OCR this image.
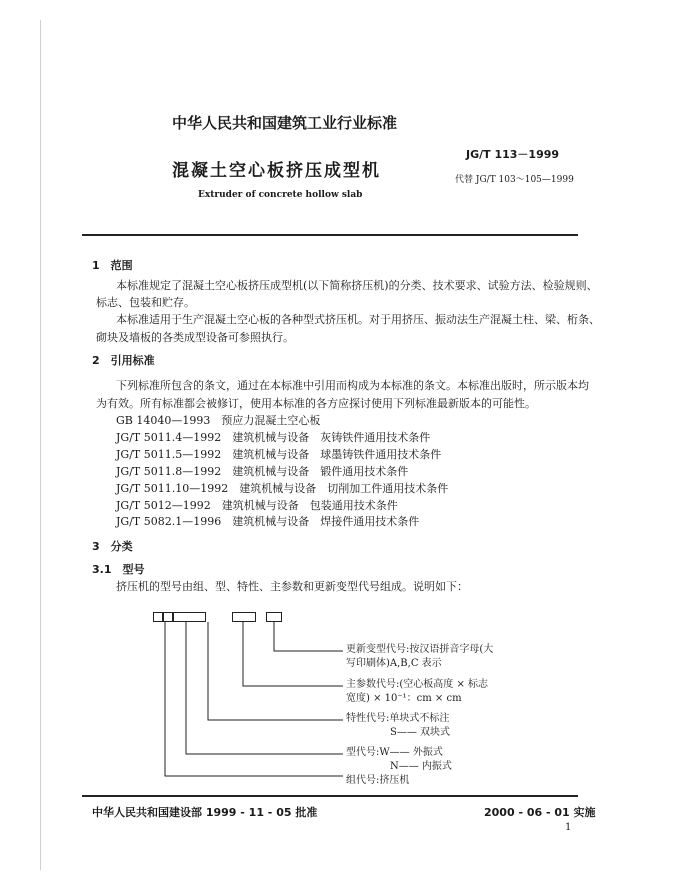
中华人民共和国建筑工业行业标准
JG/T 113－1999
混凝土空心板挤压成型机	代替 JG/T 103～105—1999
Extruder of concrete hollow slab
1　范围
本标准规定了混凝土空心板挤压成型机(以下简称挤压机)的分类、技术要求、试验方法、检验规则、
标志、包装和贮存。
本标准适用于生产混凝土空心板的各种型式挤压机。对于用挤压、振动法生产混凝土柱、梁、桁条、
砌块及墙板的各类成型设备可参照执行。
2　引用标准
下列标准所包含的条文，通过在本标准中引用而构成为本标准的条文。本标准出版时，所示版本均
为有效。所有标准都会被修订，使用本标准的各方应探讨使用下列标准最新版本的可能性。
GB 14040—1993　预应力混凝土空心板
JG/T 5011.4—1992　建筑机械与设备　灰铸铁件通用技术条件
JG/T 5011.5—1992　建筑机械与设备　球墨铸铁件通用技术条件
JG/T 5011.8—1992　建筑机械与设备　锻件通用技术条件
JG/T 5011.10—1992　建筑机械与设备　切削加工件通用技术条件
JG/T 5012—1992　建筑机械与设备　包装通用技术条件
JG/T 5082.1—1996　建筑机械与设备　焊接件通用技术条件
3　分类
3.1　型号
挤压机的型号由组、型、特性、主参数和更新变型代号组成。说明如下：
更新变型代号:按汉语拼音字母(大
写印刷体)A,B,C 表示
主参数代号:(空心板高度 × 标志
宽度) × 10⁻¹：cm × cm
特性代号:单块式不标注
S—— 双块式
型代号:W—— 外振式
N—— 内振式
组代号:挤压机
中华人民共和国建设部 1999 - 11 - 05 批准	2000 - 06 - 01 实施
1
